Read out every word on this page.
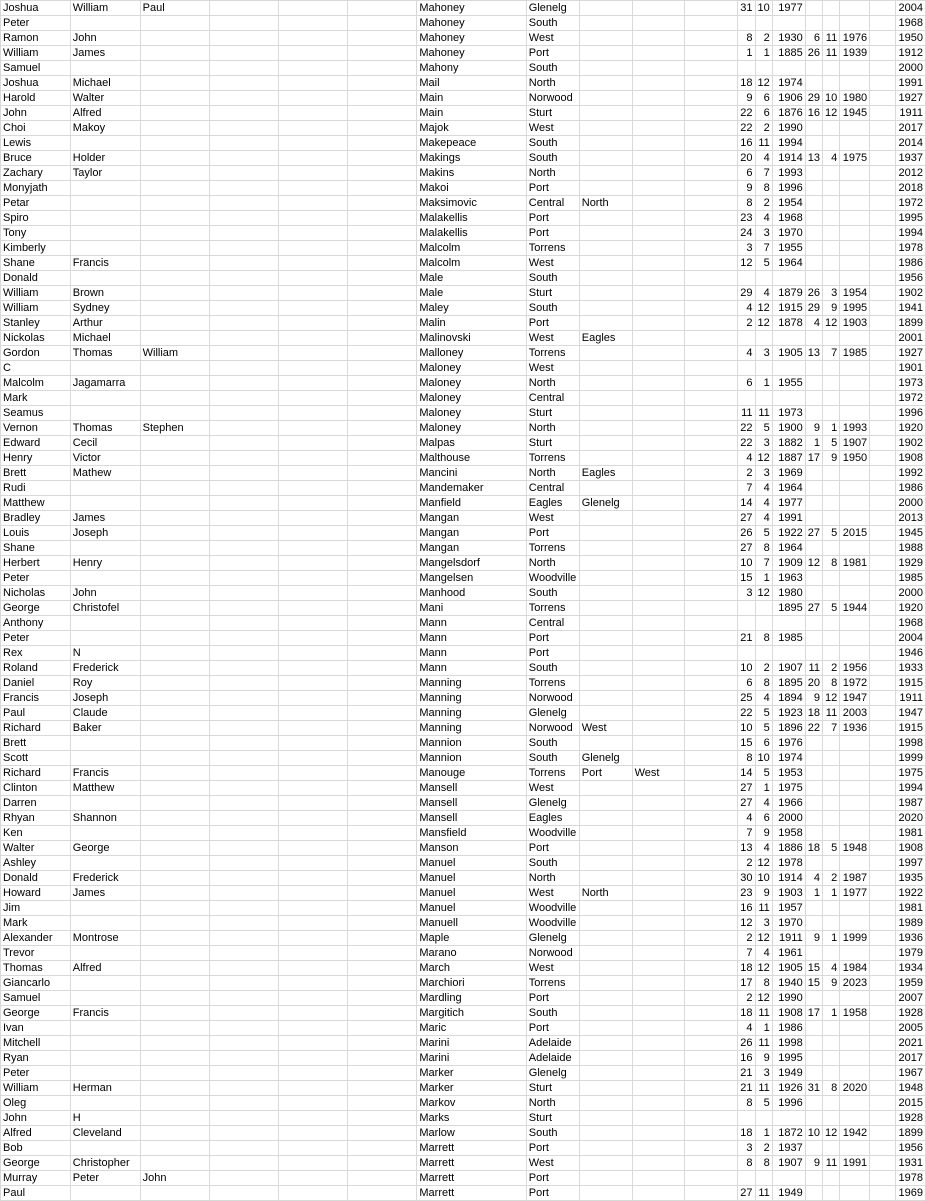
Joshua	William	Paul				Mahoney	Glenelg				31	10	1977					2004
Peter						Mahoney	South											1968
Ramon	John					Mahoney	West				8	2	1930	6	11	1976		1950
William	James					Mahoney	Port				1	1	1885	26	11	1939		1912
Samuel						Mahony	South											2000
Joshua	Michael					Mail	North				18	12	1974					1991
Harold	Walter					Main	Norwood				9	6	1906	29	10	1980		1927
John	Alfred					Main	Sturt				22	6	1876	16	12	1945		1911
Choi	Makoy					Majok	West				22	2	1990					2017
Lewis						Makepeace	South				16	11	1994					2014
Bruce	Holder					Makings	South				20	4	1914	13	4	1975		1937
Zachary	Taylor					Makins	North				6	7	1993					2012
Monyjath						Makoi	Port				9	8	1996					2018
Petar						Maksimovic	Central	North			8	2	1954					1972
Spiro						Malakellis	Port				23	4	1968					1995
Tony						Malakellis	Port				24	3	1970					1994
Kimberly						Malcolm	Torrens				3	7	1955					1978
Shane	Francis					Malcolm	West				12	5	1964					1986
Donald						Male	South											1956
William	Brown					Male	Sturt				29	4	1879	26	3	1954		1902
William	Sydney					Maley	South				4	12	1915	29	9	1995		1941
Stanley	Arthur					Malin	Port				2	12	1878	4	12	1903		1899
Nickolas	Michael					Malinovski	West	Eagles										2001
Gordon	Thomas	William				Malloney	Torrens				4	3	1905	13	7	1985		1927
C						Maloney	West											1901
Malcolm	Jagamarra					Maloney	North				6	1	1955					1973
Mark						Maloney	Central											1972
Seamus						Maloney	Sturt				11	11	1973					1996
Vernon	Thomas	Stephen				Maloney	North				22	5	1900	9	1	1993		1920
Edward	Cecil					Malpas	Sturt				22	3	1882	1	5	1907		1902
Henry	Victor					Malthouse	Torrens				4	12	1887	17	9	1950		1908
Brett	Mathew					Mancini	North	Eagles			2	3	1969					1992
Rudi						Mandemaker	Central				7	4	1964					1986
Matthew						Manfield	Eagles	Glenelg			14	4	1977					2000
Bradley	James					Mangan	West				27	4	1991					2013
Louis	Joseph					Mangan	Port				26	5	1922	27	5	2015		1945
Shane						Mangan	Torrens				27	8	1964					1988
Herbert	Henry					Mangelsdorf	North				10	7	1909	12	8	1981		1929
Peter						Mangelsen	Woodville				15	1	1963					1985
Nicholas	John					Manhood	South				3	12	1980					2000
George	Christofel					Mani	Torrens						1895	27	5	1944		1920
Anthony						Mann	Central											1968
Peter						Mann	Port				21	8	1985					2004
Rex	N					Mann	Port											1946
Roland	Frederick					Mann	South				10	2	1907	11	2	1956		1933
Daniel	Roy					Manning	Torrens				6	8	1895	20	8	1972		1915
Francis	Joseph					Manning	Norwood				25	4	1894	9	12	1947		1911
Paul	Claude					Manning	Glenelg				22	5	1923	18	11	2003		1947
Richard	Baker					Manning	Norwood	West			10	5	1896	22	7	1936		1915
Brett						Mannion	South				15	6	1976					1998
Scott						Mannion	South	Glenelg			8	10	1974					1999
Richard	Francis					Manouge	Torrens	Port	West		14	5	1953					1975
Clinton	Matthew					Mansell	West				27	1	1975					1994
Darren						Mansell	Glenelg				27	4	1966					1987
Rhyan	Shannon					Mansell	Eagles				4	6	2000					2020
Ken						Mansfield	Woodville				7	9	1958					1981
Walter	George					Manson	Port				13	4	1886	18	5	1948		1908
Ashley						Manuel	South				2	12	1978					1997
Donald	Frederick					Manuel	North				30	10	1914	4	2	1987		1935
Howard	James					Manuel	West	North			23	9	1903	1	1	1977		1922
Jim						Manuel	Woodville				16	11	1957					1981
Mark						Manuell	Woodville				12	3	1970					1989
Alexander	Montrose					Maple	Glenelg				2	12	1911	9	1	1999		1936
Trevor						Marano	Norwood				7	4	1961					1979
Thomas	Alfred					March	West				18	12	1905	15	4	1984		1934
Giancarlo						Marchiori	Torrens				17	8	1940	15	9	2023		1959
Samuel						Mardling	Port				2	12	1990					2007
George	Francis					Margitich	South				18	11	1908	17	1	1958		1928
Ivan						Maric	Port				4	1	1986					2005
Mitchell						Marini	Adelaide				26	11	1998					2021
Ryan						Marini	Adelaide				16	9	1995					2017
Peter						Marker	Glenelg				21	3	1949					1967
William	Herman					Marker	Sturt				21	11	1926	31	8	2020		1948
Oleg						Markov	North				8	5	1996					2015
John	H					Marks	Sturt											1928
Alfred	Cleveland					Marlow	South				18	1	1872	10	12	1942		1899
Bob						Marrett	Port				3	2	1937					1956
George	Christopher					Marrett	West				8	8	1907	9	11	1991		1931
Murray	Peter	John				Marrett	Port											1978
Paul						Marrett	Port				27	11	1949					1969
